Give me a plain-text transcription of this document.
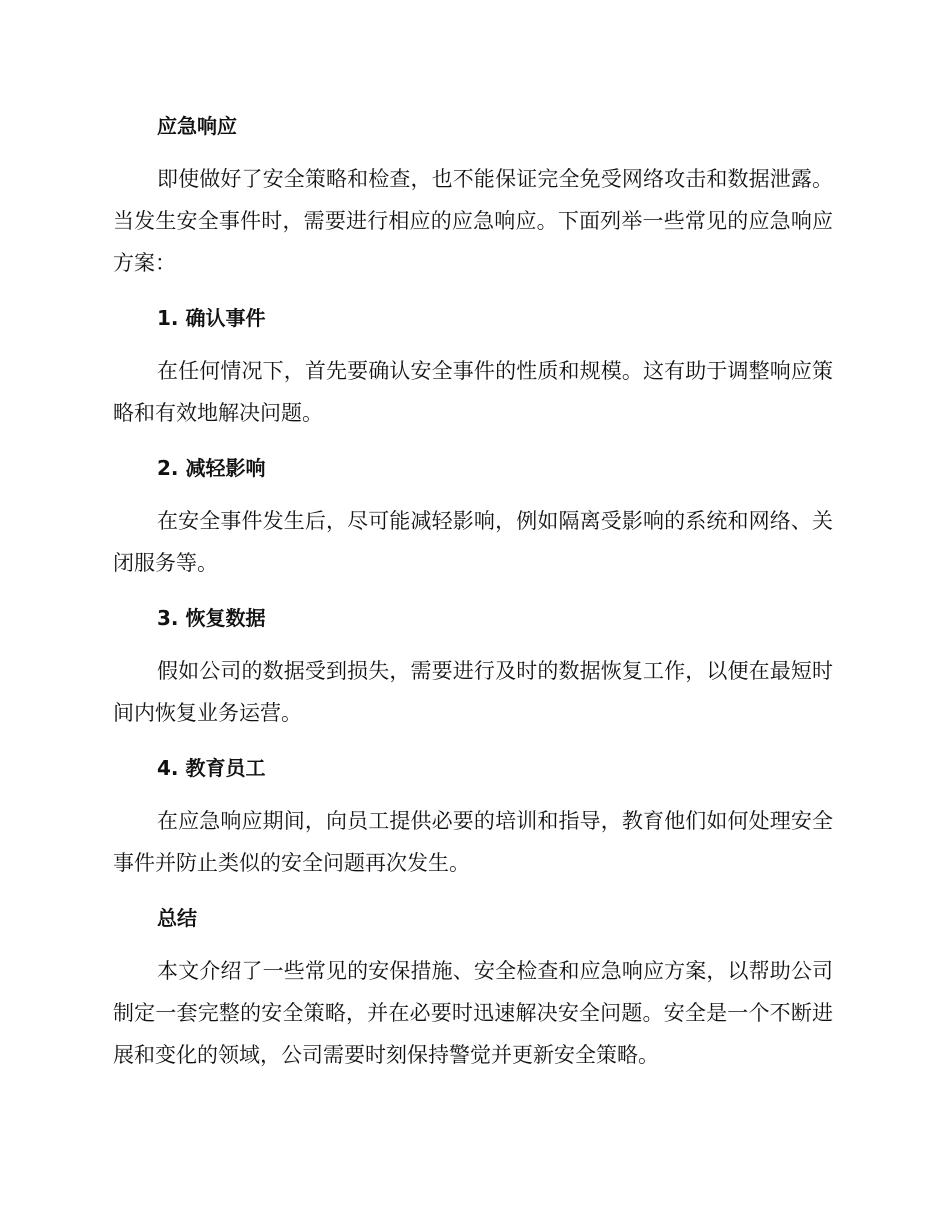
应急响应

即使做好了安全策略和检查，也不能保证完全免受网络攻击和数据泄露。当发生安全事件时，需要进行相应的应急响应。下面列举一些常见的应急响应方案：

1. 确认事件

在任何情况下，首先要确认安全事件的性质和规模。这有助于调整响应策略和有效地解决问题。

2. 减轻影响

在安全事件发生后，尽可能减轻影响，例如隔离受影响的系统和网络、关闭服务等。

3. 恢复数据

假如公司的数据受到损失，需要进行及时的数据恢复工作，以便在最短时间内恢复业务运营。

4. 教育员工

在应急响应期间，向员工提供必要的培训和指导，教育他们如何处理安全事件并防止类似的安全问题再次发生。

总结

本文介绍了一些常见的安保措施、安全检查和应急响应方案，以帮助公司制定一套完整的安全策略，并在必要时迅速解决安全问题。安全是一个不断进展和变化的领域，公司需要时刻保持警觉并更新安全策略。
